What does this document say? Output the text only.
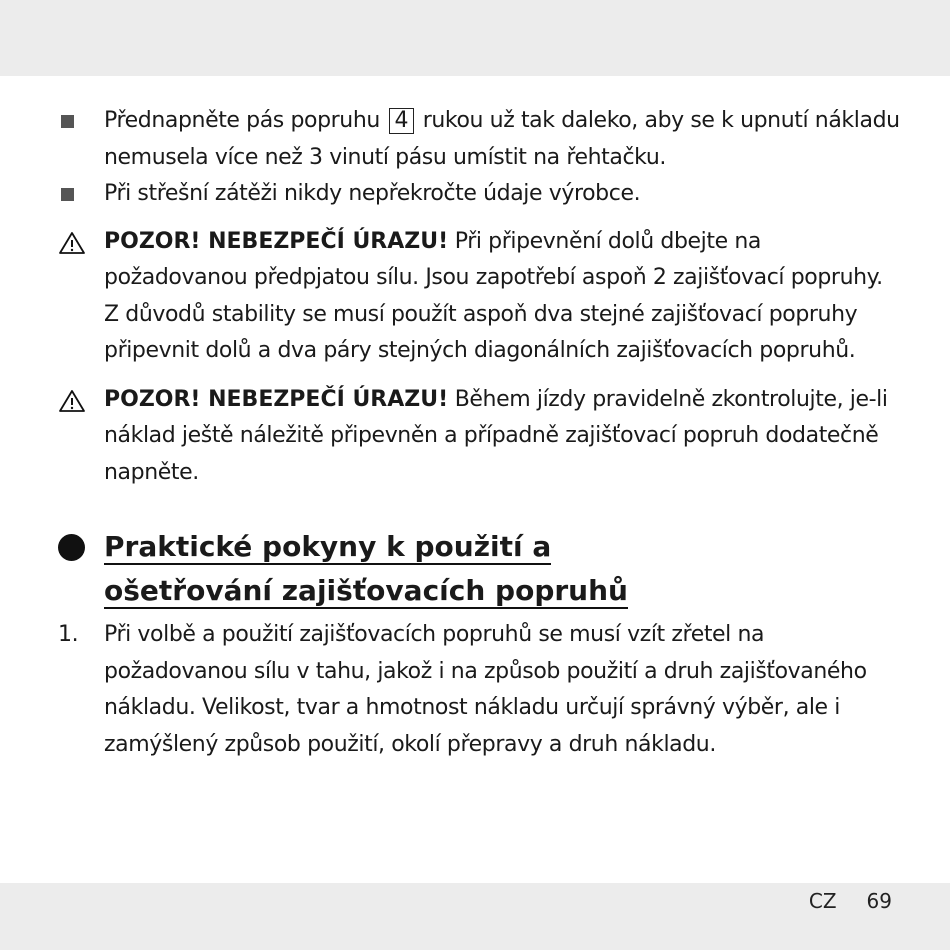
Přednapněte pás popruhu 4 rukou už tak daleko, aby se k upnutí nákladu nemusela více než 3 vinutí pásu umístit na řehtačku.
Při střešní zátěži nikdy nepřekročte údaje výrobce.
POZOR! NEBEZPEČÍ ÚRAZU! Při připevnění dolů dbejte na požadovanou předpjatou sílu. Jsou zapotřebí aspoň 2 zajišťovací popruhy. Z důvodů stability se musí použít aspoň dva stejné zajišťovací popruhy připevnit dolů a dva páry stejných diagonálních zajišťovacích popruhů.
POZOR! NEBEZPEČÍ ÚRAZU! Během jízdy pravidelně zkontrolujte, je-li náklad ještě náležitě připevněn a případně zajišťovací popruh dodatečně napněte.
Praktické pokyny k použití a
ošetřování zajišťovacích popruhů
1. Při volbě a použití zajišťovacích popruhů se musí vzít zřetel na požadovanou sílu v tahu, jakož i na způsob použití a druh zajišťovaného nákladu. Velikost, tvar a hmotnost nákladu určují správný výběr, ale i zamýšlený způsob použití, okolí přepravy a druh nákladu.
CZ 69
